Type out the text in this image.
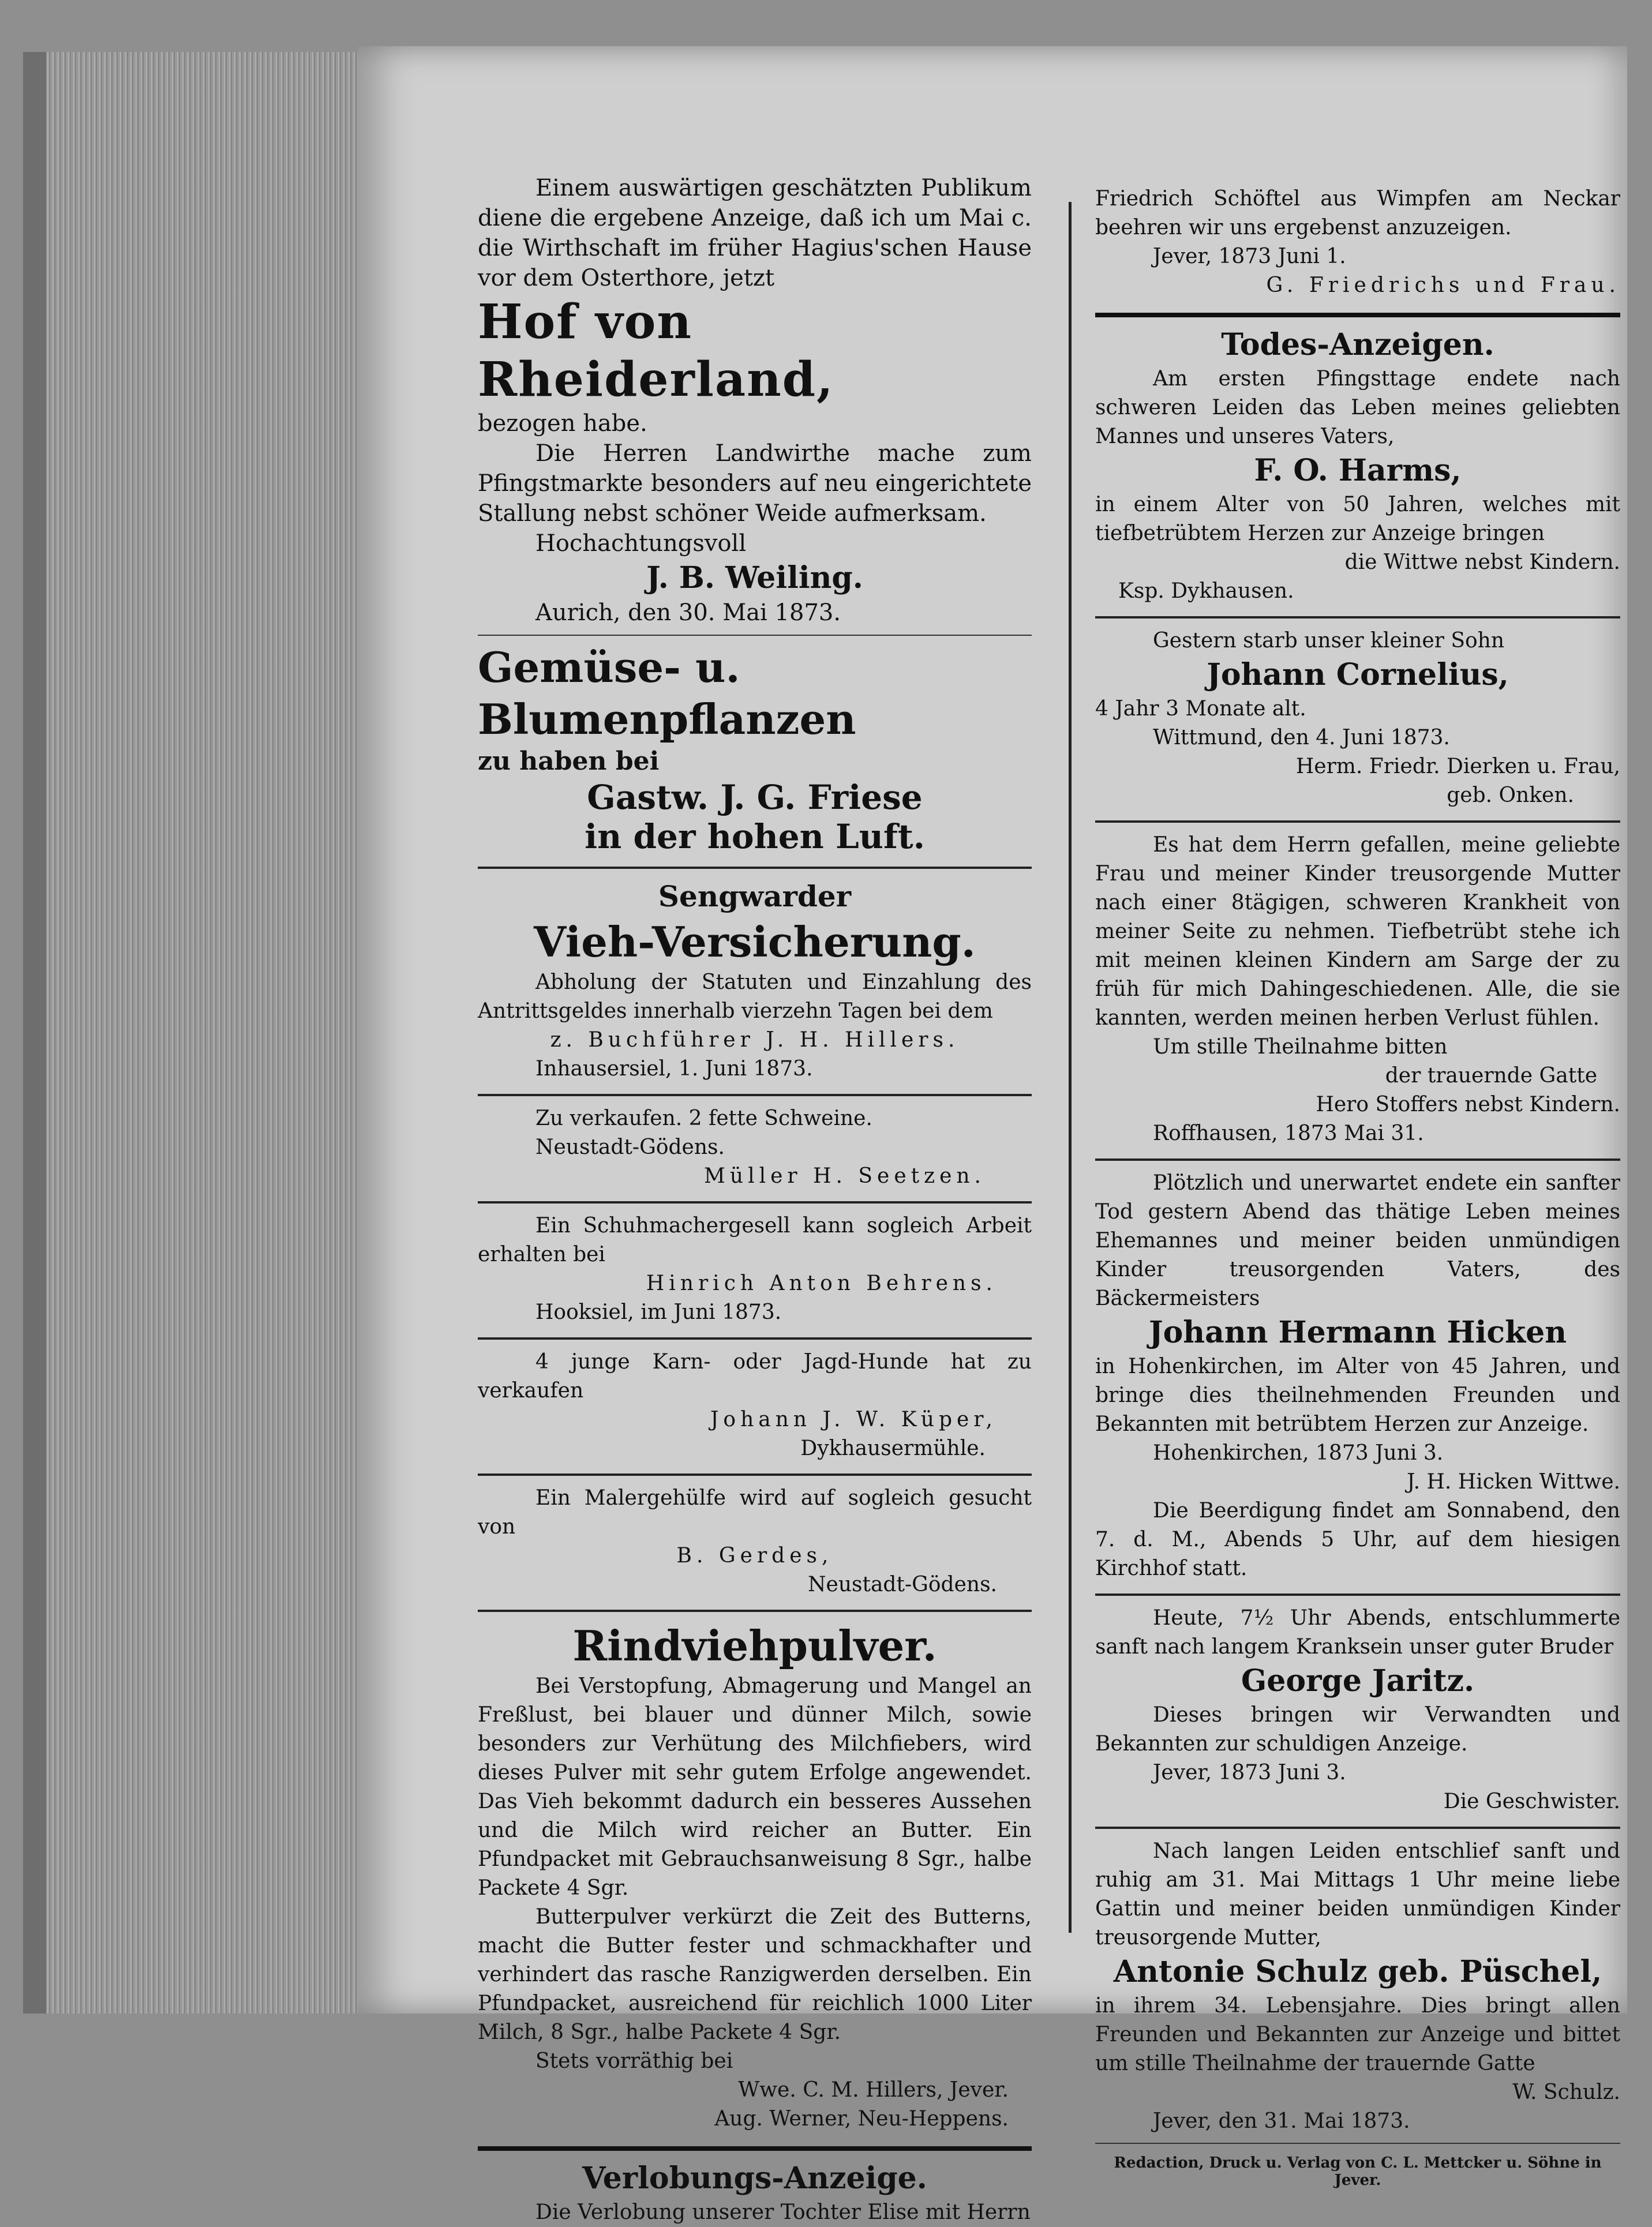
Einem auswärtigen geschätzten Publikum diene die ergebene Anzeige, daß ich um Mai c. die Wirthschaft im früher Hagius'schen Hause vor dem Osterthore, jetzt

Hof von Rheiderland,

bezogen habe.

Die Herren Landwirthe mache zum Pfingstmarkte besonders auf neu eingerichtete Stallung nebst schöner Weide aufmerksam.

Hochachtungsvoll

J. B. Weiling.

Aurich, den 30. Mai 1873.

Gemüse- u. Blumenpflanzen

zu haben bei

Gastw. J. G. Friese

in der hohen Luft.

Sengwarder

Vieh-Versicherung.

Abholung der Statuten und Einzahlung des Antrittsgeldes innerhalb vierzehn Tagen bei dem

z. Buchführer J. H. Hillers.

Inhausersiel, 1. Juni 1873.

Zu verkaufen. 2 fette Schweine.

Neustadt-Gödens.

Müller H. Seetzen.

Ein Schuhmachergesell kann sogleich Arbeit erhalten bei

Hinrich Anton Behrens.

Hooksiel, im Juni 1873.

4 junge Karn- oder Jagd-Hunde hat zu verkaufen

Johann J. W. Küper,

Dykhausermühle.

Ein Malergehülfe wird auf sogleich gesucht von

B. Gerdes,

Neustadt-Gödens.

Rindviehpulver.

Bei Verstopfung, Abmagerung und Mangel an Freßlust, bei blauer und dünner Milch, sowie besonders zur Verhütung des Milchfiebers, wird dieses Pulver mit sehr gutem Erfolge angewendet. Das Vieh bekommt dadurch ein besseres Aussehen und die Milch wird reicher an Butter. Ein Pfundpacket mit Gebrauchsanweisung 8 Sgr., halbe Packete 4 Sgr.

Butterpulver verkürzt die Zeit des Butterns, macht die Butter fester und schmackhafter und verhindert das rasche Ranzigwerden derselben. Ein Pfundpacket, ausreichend für reichlich 1000 Liter Milch, 8 Sgr., halbe Packete 4 Sgr.

Stets vorräthig bei

Wwe. C. M. Hillers, Jever.

Aug. Werner, Neu-Heppens.

Verlobungs-Anzeige.

Die Verlobung unserer Tochter Elise mit Herrn

Friedrich Schöftel aus Wimpfen am Neckar beehren wir uns ergebenst anzuzeigen.

Jever, 1873 Juni 1.

G. Friedrichs und Frau.

Todes-Anzeigen.

Am ersten Pfingsttage endete nach schweren Leiden das Leben meines geliebten Mannes und unseres Vaters,

F. O. Harms,

in einem Alter von 50 Jahren, welches mit tiefbetrübtem Herzen zur Anzeige bringen

die Wittwe nebst Kindern.

Ksp. Dykhausen.

Gestern starb unser kleiner Sohn

Johann Cornelius,

4 Jahr 3 Monate alt.

Wittmund, den 4. Juni 1873.

Herm. Friedr. Dierken u. Frau,

geb. Onken.

Es hat dem Herrn gefallen, meine geliebte Frau und meiner Kinder treusorgende Mutter nach einer 8tägigen, schweren Krankheit von meiner Seite zu nehmen. Tiefbetrübt stehe ich mit meinen kleinen Kindern am Sarge der zu früh für mich Dahingeschiedenen. Alle, die sie kannten, werden meinen herben Verlust fühlen.

Um stille Theilnahme bitten

der trauernde Gatte

Hero Stoffers nebst Kindern.

Roffhausen, 1873 Mai 31.

Plötzlich und unerwartet endete ein sanfter Tod gestern Abend das thätige Leben meines Ehemannes und meiner beiden unmündigen Kinder treusorgenden Vaters, des Bäckermeisters

Johann Hermann Hicken

in Hohenkirchen, im Alter von 45 Jahren, und bringe dies theilnehmenden Freunden und Bekannten mit betrübtem Herzen zur Anzeige.

Hohenkirchen, 1873 Juni 3.

J. H. Hicken Wittwe.

Die Beerdigung findet am Sonnabend, den 7. d. M., Abends 5 Uhr, auf dem hiesigen Kirchhof statt.

Heute, 7½ Uhr Abends, entschlummerte sanft nach langem Kranksein unser guter Bruder

George Jaritz.

Dieses bringen wir Verwandten und Bekannten zur schuldigen Anzeige.

Jever, 1873 Juni 3.

Die Geschwister.

Nach langen Leiden entschlief sanft und ruhig am 31. Mai Mittags 1 Uhr meine liebe Gattin und meiner beiden unmündigen Kinder treusorgende Mutter,

Antonie Schulz geb. Püschel,

in ihrem 34. Lebensjahre. Dies bringt allen Freunden und Bekannten zur Anzeige und bittet um stille Theilnahme der trauernde Gatte

W. Schulz.

Jever, den 31. Mai 1873.

Redaction, Druck u. Verlag von C. L. Mettcker u. Söhne in Jever.
